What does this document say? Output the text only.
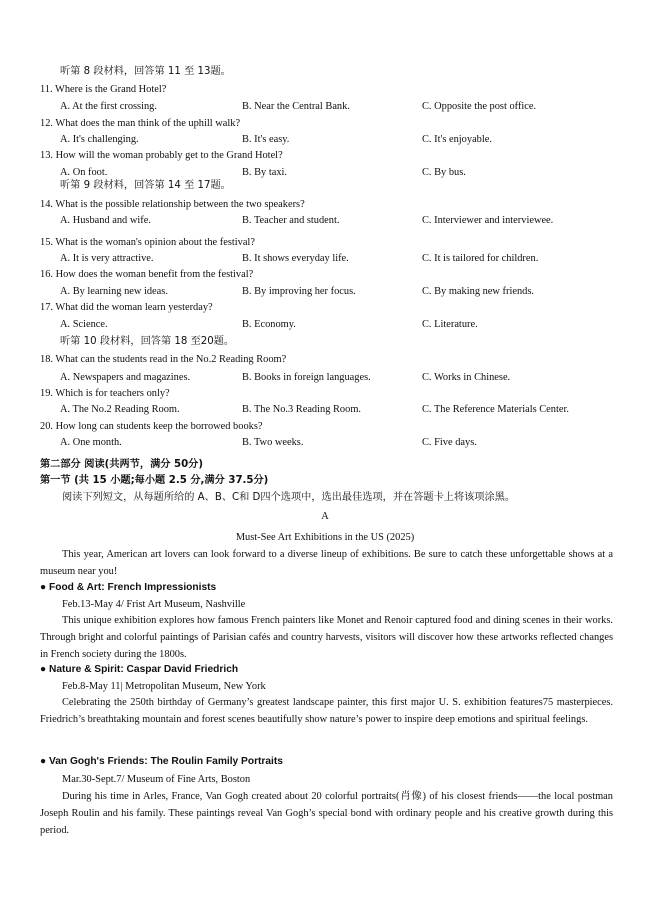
听第 8 段材料，回答第 11 至 13题。
11. Where is the Grand Hotel?
A. At the first crossing.	B. Near the Central Bank.	C. Opposite the post office.
12. What does the man think of the uphill walk?
A. It's challenging.	B. It's easy.	C. It's enjoyable.
13. How will the woman probably get to the Grand Hotel?
A. On foot.	B. By taxi.	C. By bus.
听第 9 段材料，回答第 14 至 17题。
14. What is the possible relationship between the two speakers?
A. Husband and wife.	B. Teacher and student.	C. Interviewer and interviewee.
15. What is the woman's opinion about the festival?
A. It is very attractive.	B. It shows everyday life.	C. It is tailored for children.
16. How does the woman benefit from the festival?
A. By learning new ideas.	B. By improving her focus.	C. By making new friends.
17. What did the woman learn yesterday?
A. Science.	B. Economy.	C. Literature.
听第 10 段材料，回答第 18 至20题。
18. What can the students read in the No.2 Reading Room?
A. Newspapers and magazines.	B. Books in foreign languages.	C. Works in Chinese.
19. Which is for teachers only?
A. The No.2 Reading Room.	B. The No.3 Reading Room.	C. The Reference Materials Center.
20. How long can students keep the borrowed books?
A. One month.	B. Two weeks.	C. Five days.
第二部分 阅读(共两节，满分 50分)
第一节 (共 15 小题;每小题 2.5 分,满分 37.5分)
阅读下列短文，从每题所给的 A、B、C和 D四个选项中，选出最佳选项，并在答题卡上将该项涂黑。
A
Must-See Art Exhibitions in the US (2025)
This year, American art lovers can look forward to a diverse lineup of exhibitions. Be sure to catch these unforgettable shows at a museum near you!
● Food & Art: French Impressionists
Feb.13-May 4/ Frist Art Museum, Nashville
This unique exhibition explores how famous French painters like Monet and Renoir captured food and dining scenes in their works. Through bright and colorful paintings of Parisian cafés and country harvests, visitors will discover how these artworks reflected changes in French society during the 1800s.
● Nature & Spirit: Caspar David Friedrich
Feb.8-May 11| Metropolitan Museum, New York
Celebrating the 250th birthday of Germany’s greatest landscape painter, this first major U. S. exhibition features75 masterpieces. Friedrich’s breathtaking mountain and forest scenes beautifully show nature’s power to inspire deep emotions and spiritual feelings.
● Van Gogh's Friends: The Roulin Family Portraits
Mar.30-Sept.7/ Museum of Fine Arts, Boston
During his time in Arles, France, Van Gogh created about 20 colorful portraits(肖像) of his closest friends——the local postman Joseph Roulin and his family. These paintings reveal Van Gogh’s special bond with ordinary people and his creative growth during this period.
